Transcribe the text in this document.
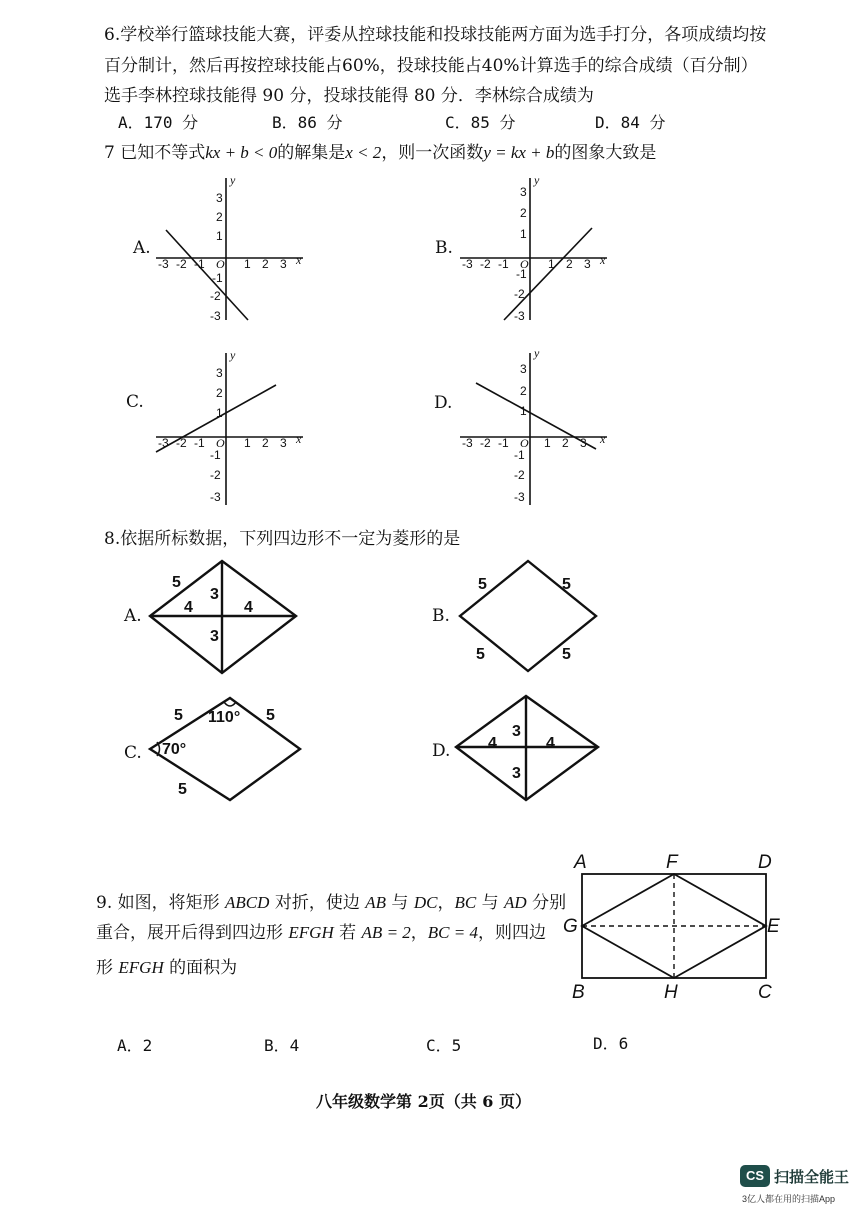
6.学校举行篮球技能大赛，评委从控球技能和投球技能两方面为选手打分，各项成绩均按
百分制计，然后再按控球技能占60%，投球技能占40%计算选手的综合成绩（百分制）
选手李林控球技能得 90 分，投球技能得 80 分．李林综合成绩为
A．170 分	B．86 分	C．85 分	D．84 分
7 已知不等式kx + b < 0的解集是x < 2，则一次函数y = kx + b的图象大致是
A.	B.
C.	D.
-3 -2 -1 O 1 2 3 x
y
3
2
1
-1
-2
-3
-3 -2 -1 O 1 2 3 x
y
3
2
1
-1
-2
-3
-3 -2 -1 O 1 2 3 x
y
3
2
1
-1
-2
-3
-3 -2 -1 O 1 2 3 x
y
3
2
1
-1
-2
-3
8.依据所标数据，下列四边形不一定为菱形的是
A.	B.
C.	D.
5
4	4
3
3
5	5
5	5
5 110° 5
70°
5
4	4
3
3
9. 如图，将矩形 ABCD 对折，使边 AB 与 DC，BC 与 AD 分别
重合，展开后得到四边形 EFGH 若 AB = 2，BC = 4，则四边
形 EFGH 的面积为
A	F	D
G	E
B	H	C
A．2	B．4	C．5	D．6
八年级数学第 2页（共 6 页）
CS 扫描全能王
3亿人都在用的扫描App
